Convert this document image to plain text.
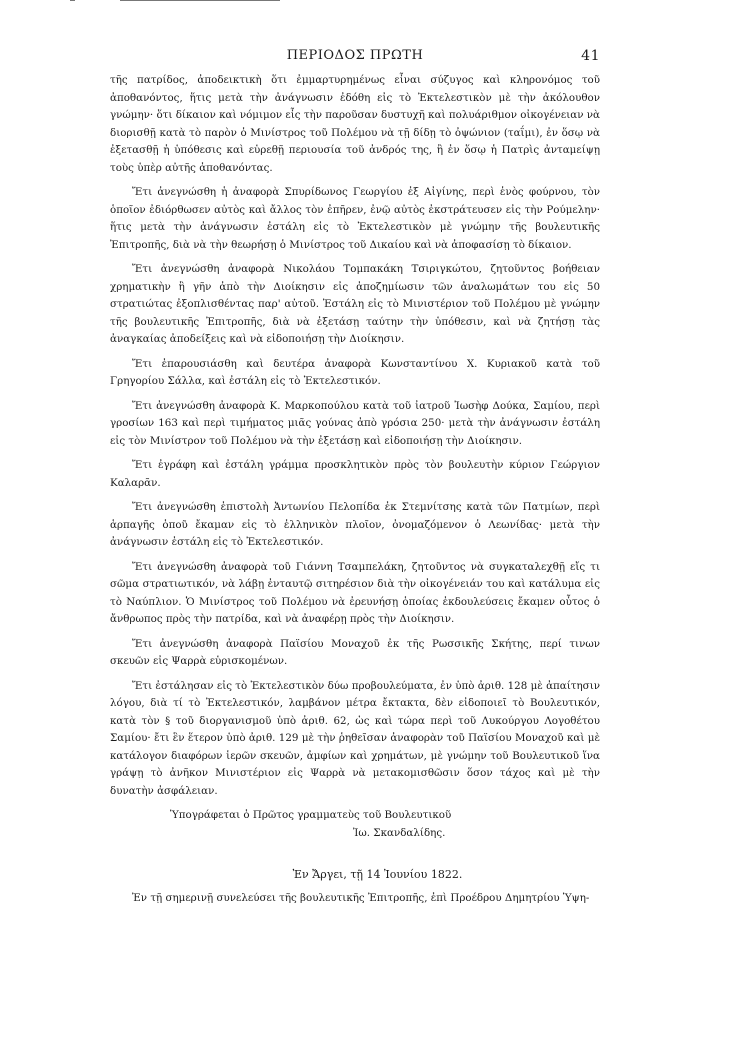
ΠΕΡΙΟΔΟΣ ΠΡΩΤΗ	41

τῆς πατρίδος, ἀποδεικτικὴ ὅτι ἐμμαρτυρημένως εἶναι σύζυγος καὶ κληρονόμος τοῦ ἀποθανόντος, ἥτις μετὰ τὴν ἀνάγνωσιν ἐδόθη εἰς τὸ Ἐκτελεστικὸν μὲ τὴν ἀκόλουθον γνώμην· ὅτι δίκαιον καὶ νόμιμον εἶς τὴν παροῦσαν δυστυχῆ καὶ πολυάριθμον οἰκογένειαν νὰ διορισθῇ κατὰ τὸ παρὸν ὁ Μινίστρος τοῦ Πολέμου νὰ τῇ δίδῃ τὸ ὀψώνιον (ταΐμι), ἐν ὅσῳ νὰ ἐξετασθῇ ἡ ὑπόθεσις καὶ εὑρεθῇ περιουσία τοῦ ἀνδρός της, ἢ ἐν ὅσῳ ἡ Πατρὶς ἀνταμείψῃ τοὺς ὑπὲρ αὐτῆς ἀποθανόντας.

Ἔτι ἀνεγνώσθη ἡ ἀναφορὰ Σπυρίδωνος Γεωργίου ἐξ Αἰγίνης, περὶ ἑνὸς φούρνου, τὸν ὁποῖον ἐδιόρθωσεν αὐτὸς καὶ ἄλλος τὸν ἐπῆρεν, ἐνῷ αὐτὸς ἐκστράτευσεν εἰς τὴν Ρούμελην· ἥτις μετὰ τὴν ἀνάγνωσιν ἐστάλη εἰς τὸ Ἐκτελεστικὸν μὲ γνώμην τῆς βουλευτικῆς Ἐπιτροπῆς, διὰ νὰ τὴν θεωρήσῃ ὁ Μινίστρος τοῦ Δικαίου καὶ νὰ ἀποφασίσῃ τὸ δίκαιον.

Ἔτι ἀνεγνώσθη ἀναφορὰ Νικολάου Τομπακάκη Τσιριγκώτου, ζητοῦντος βοήθειαν χρηματικὴν ἢ γῆν ἀπὸ τὴν Διοίκησιν εἰς ἀποζημίωσιν τῶν ἀναλωμάτων του εἰς 50 στρατιώτας ἐξοπλισθέντας παρ' αὐτοῦ. Ἐστάλη εἰς τὸ Μινιστέριον τοῦ Πολέμου μὲ γνώμην τῆς βουλευτικῆς Ἐπιτροπῆς, διὰ νὰ ἐξετάσῃ ταύτην τὴν ὑπόθεσιν, καὶ νὰ ζητήσῃ τὰς ἀναγκαίας ἀποδείξεις καὶ νὰ εἰδοποιήσῃ τὴν Διοίκησιν.

Ἔτι ἐπαρουσιάσθη καὶ δευτέρα ἀναφορὰ Κωνσταντίνου Χ. Κυριακοῦ κατὰ τοῦ Γρηγορίου Σάλλα, καὶ ἐστάλη εἰς τὸ Ἐκτελεστικόν.

Ἔτι ἀνεγνώσθη ἀναφορὰ Κ. Μαρκοπούλου κατὰ τοῦ ἰατροῦ Ἰωσὴφ Δούκα, Σαμίου, περὶ γροσίων 163 καὶ περὶ τιμήματος μιᾶς γούνας ἀπὸ γρόσια 250· μετὰ τὴν ἀνάγνωσιν ἐστάλη εἰς τὸν Μινίστρον τοῦ Πολέμου νὰ τὴν ἐξετάσῃ καὶ εἰδοποιήσῃ τὴν Διοίκησιν.

Ἔτι ἐγράφη καὶ ἐστάλη γράμμα προσκλητικὸν πρὸς τὸν βουλευτὴν κύριον Γεώργιον Καλαρᾶν.

Ἔτι ἀνεγνώσθη ἐπιστολὴ Ἀντωνίου Πελοπίδα ἐκ Στεμνίτσης κατὰ τῶν Πατμίων, περὶ ἁρπαγῆς ὁποῦ ἔκαμαν εἰς τὸ ἑλληνικὸν πλοῖον, ὀνομαζόμενον ὁ Λεωνίδας· μετὰ τὴν ἀνάγνωσιν ἐστάλη εἰς τὸ Ἐκτελεστικόν.

Ἔτι ἀνεγνώσθη ἀναφορὰ τοῦ Γιάννη Τσαμπελάκη, ζητοῦντος νὰ συγκαταλεχθῇ εἴς τι σῶμα στρατιωτικόν, νὰ λάβῃ ἐνταυτῷ σιτηρέσιον διὰ τὴν οἰκογένειάν του καὶ κατάλυμα εἰς τὸ Ναύπλιον. Ὁ Μινίστρος τοῦ Πολέμου νὰ ἐρευνήσῃ ὁποίας ἐκδουλεύσεις ἔκαμεν οὗτος ὁ ἄνθρωπος πρὸς τὴν πατρίδα, καὶ νὰ ἀναφέρῃ πρὸς τὴν Διοίκησιν.

Ἔτι ἀνεγνώσθη ἀναφορὰ Παϊσίου Μοναχοῦ ἐκ τῆς Ρωσσικῆς Σκήτης, περί τινων σκευῶν εἰς Ψαρρὰ εὑρισκομένων.

Ἔτι ἐστάλησαν εἰς τὸ Ἐκτελεστικὸν δύω προβουλεύματα, ἐν ὑπὸ ἀριθ. 128 μὲ ἀπαίτησιν λόγου, διὰ τί τὸ Ἐκτελεστικόν, λαμβάνον μέτρα ἔκτακτα, δὲν εἰδοποιεῖ τὸ Βουλευτικόν, κατὰ τὸν § τοῦ διοργανισμοῦ ὑπὸ ἀριθ. 62, ὡς καὶ τώρα περὶ τοῦ Λυκούργου Λογοθέτου Σαμίου· ἔτι ἓν ἕτερον ὑπὸ ἀριθ. 129 μὲ τὴν ῥηθεῖσαν ἀναφορὰν τοῦ Παϊσίου Μοναχοῦ καὶ μὲ κατάλογον διαφόρων ἱερῶν σκευῶν, ἀμφίων καὶ χρημάτων, μὲ γνώμην τοῦ Βουλευτικοῦ ἵνα γράψῃ τὸ ἀνῆκον Μινιστέριον εἰς Ψαρρὰ νὰ μετακομισθῶσιν ὅσον τάχος καὶ μὲ τὴν δυνατὴν ἀσφάλειαν.

Ὑπογράφεται ὁ Πρῶτος γραμματεὺς τοῦ Βουλευτικοῦ

Ἰω. Σκανδαλίδης.

Ἐν Ἄργει, τῇ 14 Ἰουνίου 1822.

Ἐν τῇ σημερινῇ συνελεύσει τῆς βουλευτικῆς Ἐπιτροπῆς, ἐπὶ Προέδρου Δημητρίου Ὑψη-
